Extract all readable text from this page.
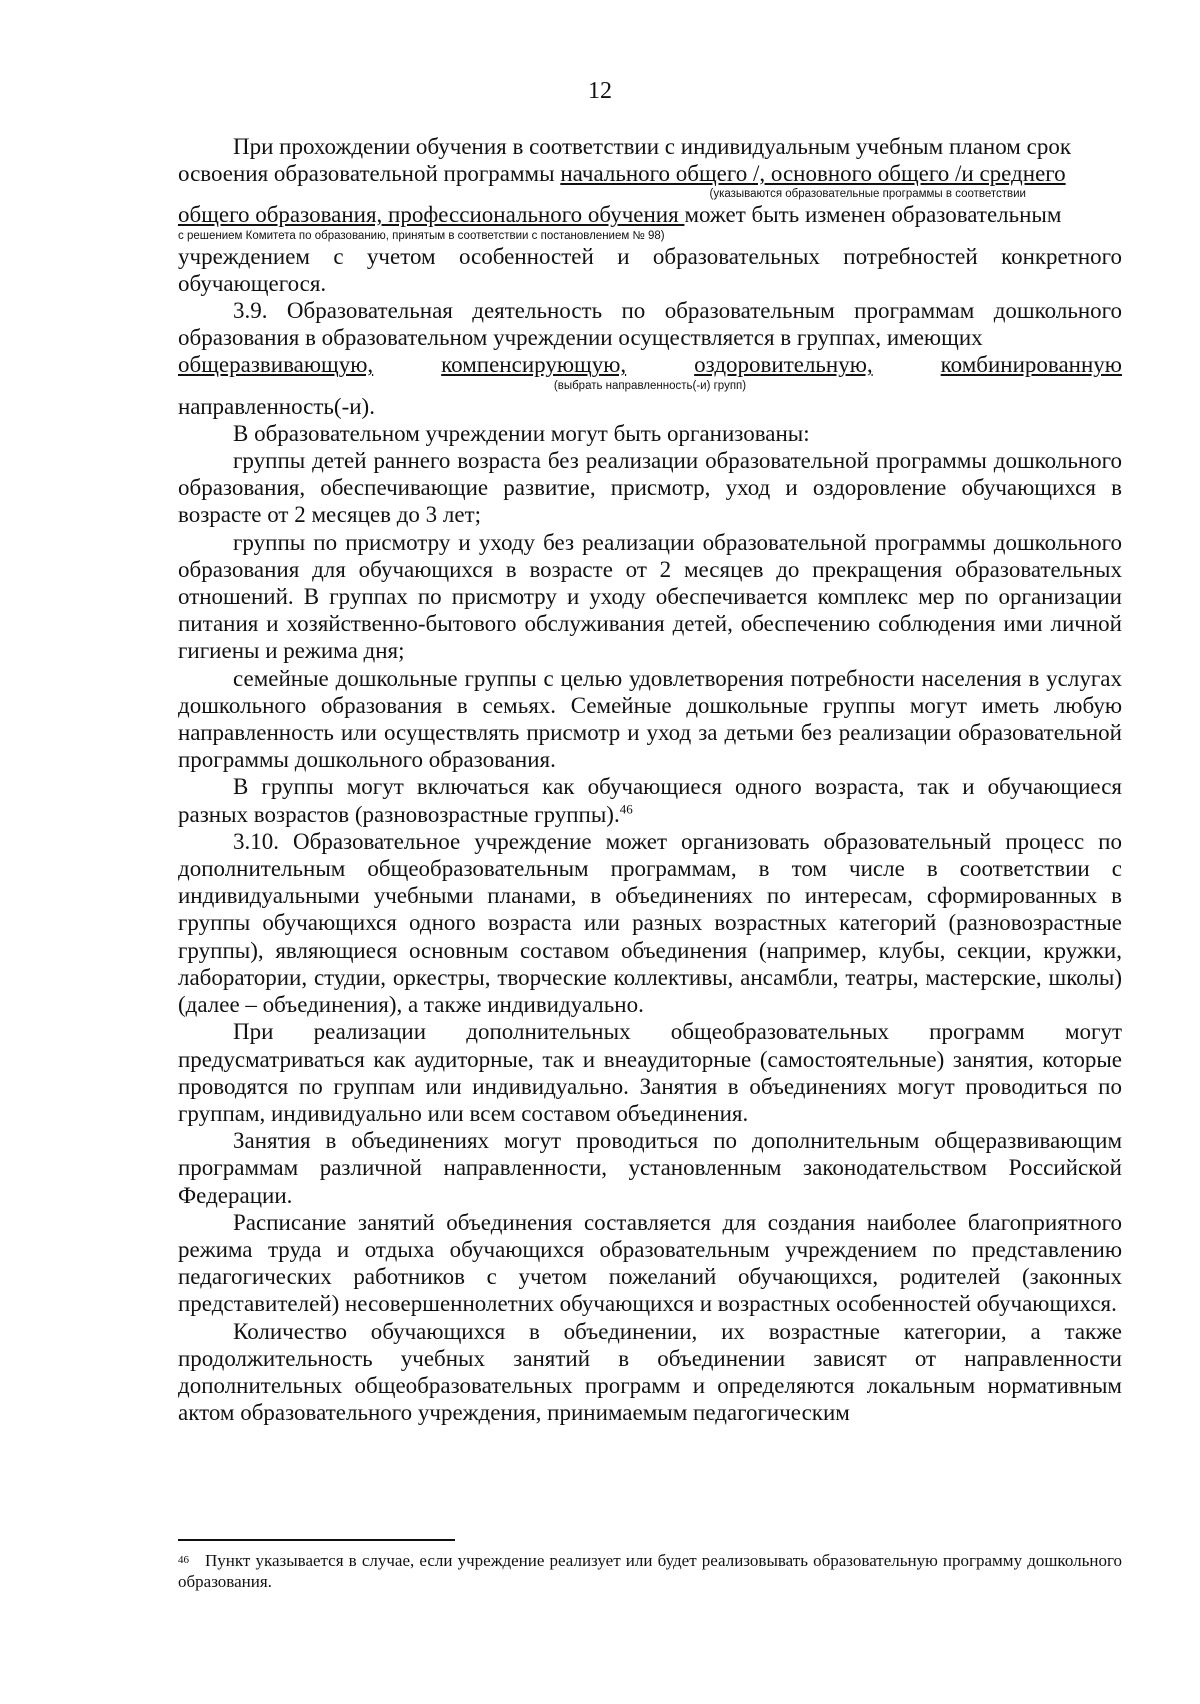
12

При прохождении обучения в соответствии с индивидуальным учебным планом срок
освоения образовательной программы начального общего /, основного общего /и среднего

(указываются образовательные программы в соответствии

общего образования, профессионального обучения может быть изменен образовательным

с решением Комитета по образованию, принятым в соответствии с постановлением № 98)

учреждением с учетом особенностей и образовательных потребностей конкретного обучающегося.

3.9. Образовательная деятельность по образовательным программам дошкольного образования в образовательном учреждении осуществляется в группах, имеющих

общеразвивающую,	компенсирующую,	оздоровительную,	комбинированную

(выбрать направленность(-и) групп)

направленность(-и).

В образовательном учреждении могут быть организованы:

группы детей раннего возраста без реализации образовательной программы дошкольного образования, обеспечивающие развитие, присмотр, уход и оздоровление обучающихся в возрасте от 2 месяцев до 3 лет;

группы по присмотру и уходу без реализации образовательной программы дошкольного образования для обучающихся в возрасте от 2 месяцев до прекращения образовательных отношений. В группах по присмотру и уходу обеспечивается комплекс мер по организации питания и хозяйственно-бытового обслуживания детей, обеспечению соблюдения ими личной гигиены и режима дня;

семейные дошкольные группы с целью удовлетворения потребности населения в услугах дошкольного образования в семьях. Семейные дошкольные группы могут иметь любую направленность или осуществлять присмотр и уход за детьми без реализации образовательной программы дошкольного образования.

В группы могут включаться как обучающиеся одного возраста, так и обучающиеся разных возрастов (разновозрастные группы).$^{46}$

3.10. Образовательное учреждение может организовать образовательный процесс по дополнительным общеобразовательным программам, в том числе в соответствии с индивидуальными учебными планами, в объединениях по интересам, сформированных в группы обучающихся одного возраста или разных возрастных категорий (разновозрастные группы), являющиеся основным составом объединения (например, клубы, секции, кружки, лаборатории, студии, оркестры, творческие коллективы, ансамбли, театры, мастерские, школы) (далее – объединения), а также индивидуально.

При реализации дополнительных общеобразовательных программ могут предусматриваться как аудиторные, так и внеаудиторные (самостоятельные) занятия, которые проводятся по группам или индивидуально. Занятия в объединениях могут проводиться по группам, индивидуально или всем составом объединения.

Занятия в объединениях могут проводиться по дополнительным общеразвивающим программам различной направленности, установленным законодательством Российской Федерации.

Расписание занятий объединения составляется для создания наиболее благоприятного режима труда и отдыха обучающихся образовательным учреждением по представлению педагогических работников с учетом пожеланий обучающихся, родителей (законных представителей) несовершеннолетних обучающихся и возрастных особенностей обучающихся.

Количество обучающихся в объединении, их возрастные категории, а также продолжительность учебных занятий в объединении зависят от направленности дополнительных общеобразовательных программ и определяются локальным нормативным актом образовательного учреждения, принимаемым педагогическим

$^{46}$ Пункт указывается в случае, если учреждение реализует или будет реализовывать образовательную программу дошкольного образования.
